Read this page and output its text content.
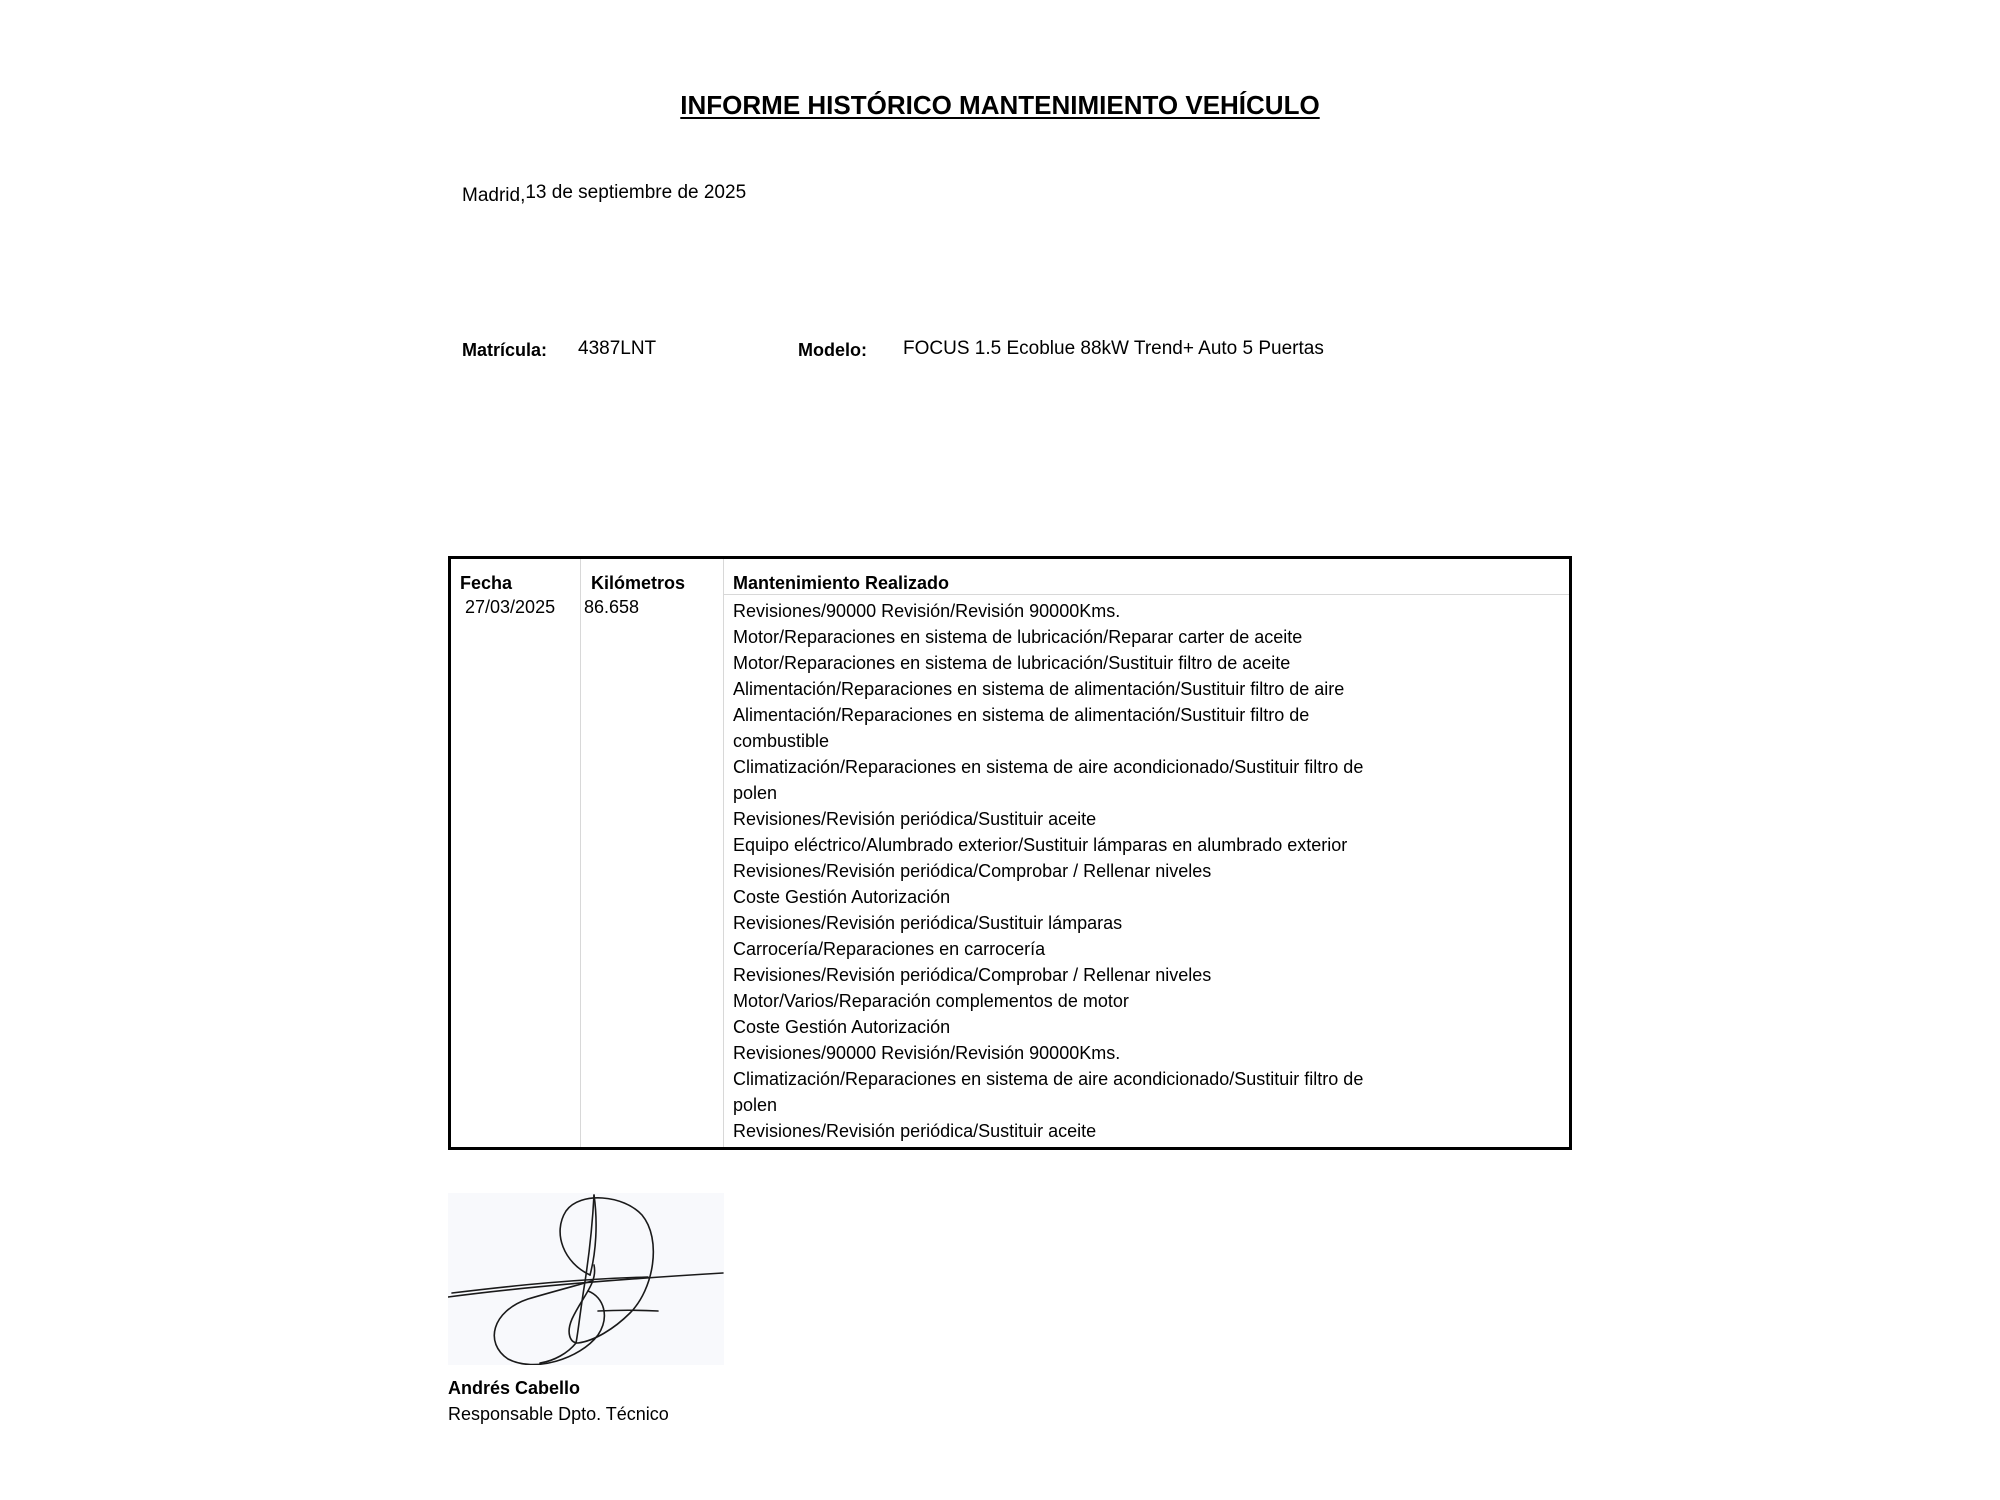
INFORME HISTÓRICO MANTENIMIENTO VEHÍCULO
Madrid,13 de septiembre de 2025
Matrícula: 4387LNT	Modelo: FOCUS 1.5 Ecoblue 88kW Trend+ Auto 5 Puertas
Fecha	Kilómetros	Mantenimiento Realizado
27/03/2025 86.658	Revisiones/90000 Revisión/Revisión 90000Kms.
Motor/Reparaciones en sistema de lubricación/Reparar carter de aceite
Motor/Reparaciones en sistema de lubricación/Sustituir filtro de aceite
Alimentación/Reparaciones en sistema de alimentación/Sustituir filtro de aire
Alimentación/Reparaciones en sistema de alimentación/Sustituir filtro de
combustible
Climatización/Reparaciones en sistema de aire acondicionado/Sustituir filtro de
polen
Revisiones/Revisión periódica/Sustituir aceite
Equipo eléctrico/Alumbrado exterior/Sustituir lámparas en alumbrado exterior
Revisiones/Revisión periódica/Comprobar / Rellenar niveles
Coste Gestión Autorización
Revisiones/Revisión periódica/Sustituir lámparas
Carrocería/Reparaciones en carrocería
Revisiones/Revisión periódica/Comprobar / Rellenar niveles
Motor/Varios/Reparación complementos de motor
Coste Gestión Autorización
Revisiones/90000 Revisión/Revisión 90000Kms.
Climatización/Reparaciones en sistema de aire acondicionado/Sustituir filtro de
polen
Revisiones/Revisión periódica/Sustituir aceite
Andrés Cabello
Responsable Dpto. Técnico
